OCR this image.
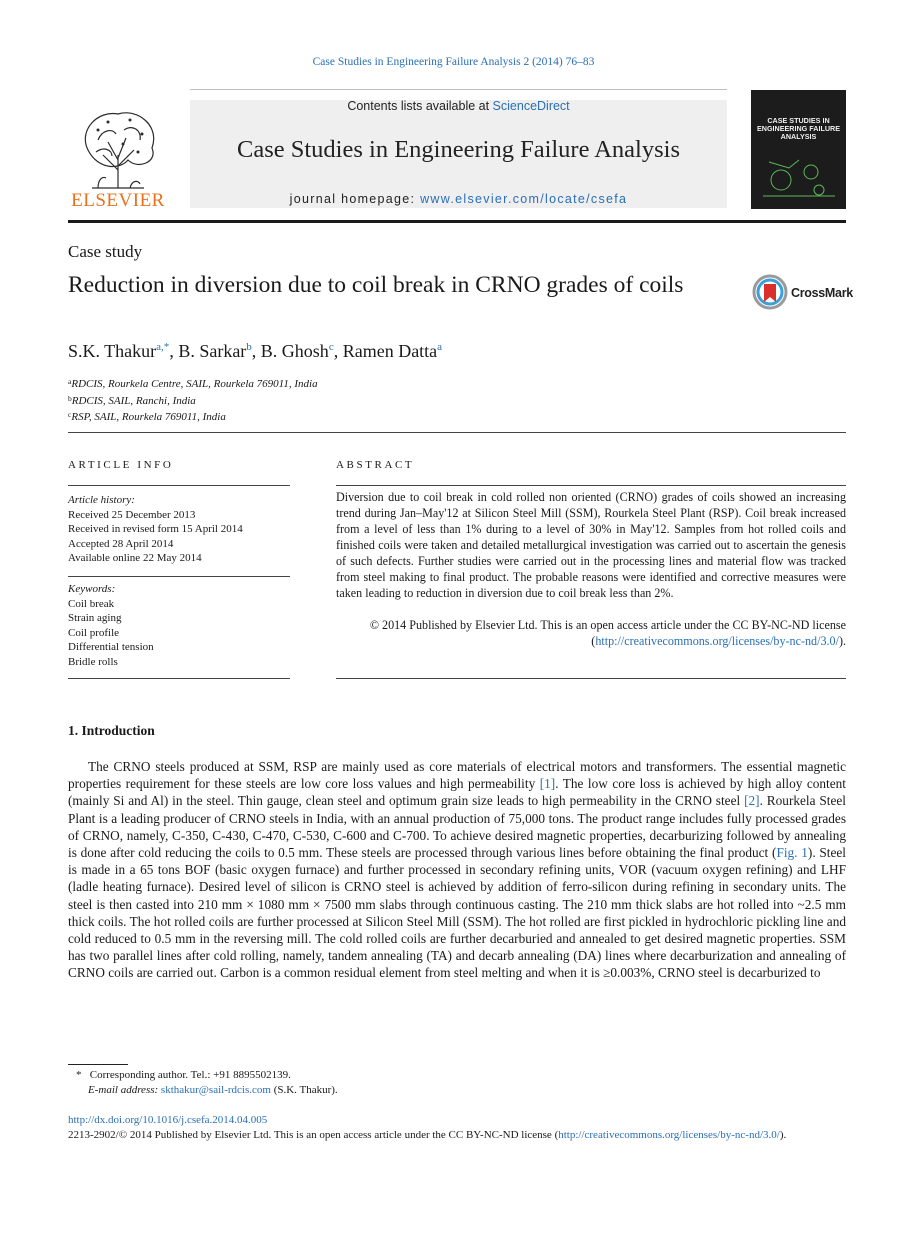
Case Studies in Engineering Failure Analysis 2 (2014) 76–83
ELSEVIER
Contents lists available at ScienceDirect
Case Studies in Engineering Failure Analysis
journal homepage: www.elsevier.com/locate/csefa
CASE STUDIES IN ENGINEERING FAILURE ANALYSIS
Case study
Reduction in diversion due to coil break in CRNO grades of coils	CrossMark
S.K. Thakur$^{a,*}$, B. Sarkar$^b$, B. Ghosh$^c$, Ramen Datta$^a$
$^a$RDCIS, Rourkela Centre, SAIL, Rourkela 769011, India
$^b$RDCIS, SAIL, Ranchi, India
$^c$RSP, SAIL, Rourkela 769011, India
ARTICLE INFO
Article history:
Received 25 December 2013
Received in revised form 15 April 2014
Accepted 28 April 2014
Available online 22 May 2014
Keywords:
Coil break
Strain aging
Coil profile
Differential tension
Bridle rolls
ABSTRACT
Diversion due to coil break in cold rolled non oriented (CRNO) grades of coils showed an increasing trend during Jan–May'12 at Silicon Steel Mill (SSM), Rourkela Steel Plant (RSP). Coil break increased from a level of less than 1% during to a level of 30% in May'12. Samples from hot rolled coils and finished coils were taken and detailed metallurgical investigation was carried out to ascertain the genesis of such defects. Further studies were carried out in the processing lines and material flow was tracked from steel making to final product. The probable reasons were identified and corrective measures were taken leading to reduction in diversion due to coil break less than 2%.
© 2014 Published by Elsevier Ltd. This is an open access article under the CC BY-NC-ND license (http://creativecommons.org/licenses/by-nc-nd/3.0/).
1. Introduction
The CRNO steels produced at SSM, RSP are mainly used as core materials of electrical motors and transformers. The essential magnetic properties requirement for these steels are low core loss values and high permeability [1]. The low core loss is achieved by high alloy content (mainly Si and Al) in the steel. Thin gauge, clean steel and optimum grain size leads to high permeability in the CRNO steel [2]. Rourkela Steel Plant is a leading producer of CRNO steels in India, with an annual production of 75,000 tons. The product range includes fully processed grades of CRNO, namely, C-350, C-430, C-470, C-530, C-600 and C-700. To achieve desired magnetic properties, decarburizing followed by annealing is done after cold reducing the coils to 0.5 mm. These steels are processed through various lines before obtaining the final product (Fig. 1). Steel is made in a 65 tons BOF (basic oxygen furnace) and further processed in secondary refining units, VOR (vacuum oxygen refining) and LHF (ladle heating furnace). Desired level of silicon is CRNO steel is achieved by addition of ferro-silicon during refining in secondary units. The steel is then casted into 210 mm × 1080 mm × 7500 mm slabs through continuous casting. The 210 mm thick slabs are hot rolled into ~2.5 mm thick coils. The hot rolled coils are further processed at Silicon Steel Mill (SSM). The hot rolled are first pickled in hydrochloric pickling line and cold reduced to 0.5 mm in the reversing mill. The cold rolled coils are further decarburied and annealed to get desired magnetic properties. SSM has two parallel lines after cold rolling, namely, tandem annealing (TA) and decarb annealing (DA) lines where decarburization and annealing of CRNO coils are carried out. Carbon is a common residual element from steel melting and when it is ≥0.003%, CRNO steel is decarburized to
* Corresponding author. Tel.: +91 8895502139.
E-mail address: skthakur@sail-rdcis.com (S.K. Thakur).
http://dx.doi.org/10.1016/j.csefa.2014.04.005
2213-2902/© 2014 Published by Elsevier Ltd. This is an open access article under the CC BY-NC-ND license (http://creativecommons.org/licenses/by-nc-nd/3.0/).
